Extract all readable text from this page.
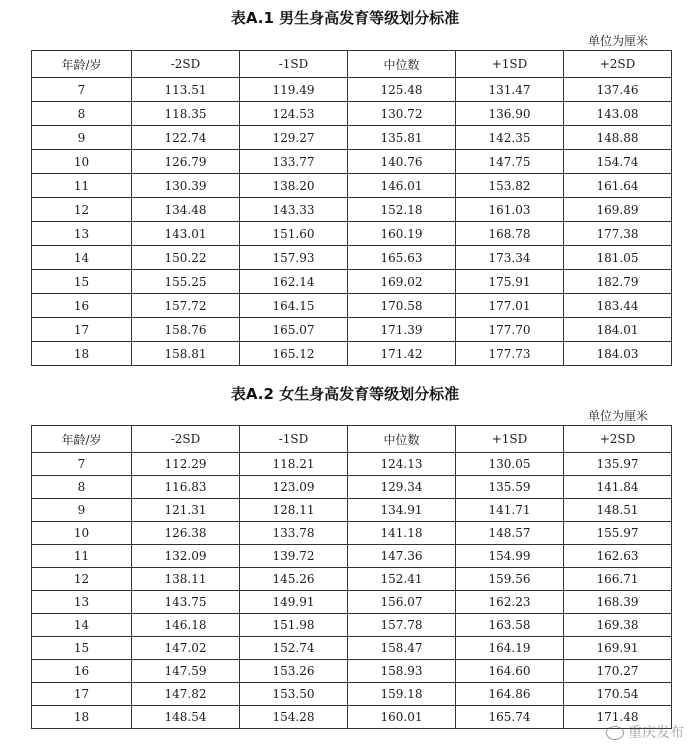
表A.1 男生身高发育等级划分标准
单位为厘米
年龄/岁	-2SD	-1SD	中位数	+1SD	+2SD
7	113.51	119.49	125.48	131.47	137.46
8	118.35	124.53	130.72	136.90	143.08
9	122.74	129.27	135.81	142.35	148.88
10	126.79	133.77	140.76	147.75	154.74
11	130.39	138.20	146.01	153.82	161.64
12	134.48	143.33	152.18	161.03	169.89
13	143.01	151.60	160.19	168.78	177.38
14	150.22	157.93	165.63	173.34	181.05
15	155.25	162.14	169.02	175.91	182.79
16	157.72	164.15	170.58	177.01	183.44
17	158.76	165.07	171.39	177.70	184.01
18	158.81	165.12	171.42	177.73	184.03
表A.2 女生身高发育等级划分标准
单位为厘米
年龄/岁	-2SD	-1SD	中位数	+1SD	+2SD
7	112.29	118.21	124.13	130.05	135.97
8	116.83	123.09	129.34	135.59	141.84
9	121.31	128.11	134.91	141.71	148.51
10	126.38	133.78	141.18	148.57	155.97
11	132.09	139.72	147.36	154.99	162.63
12	138.11	145.26	152.41	159.56	166.71
13	143.75	149.91	156.07	162.23	168.39
14	146.18	151.98	157.78	163.58	169.38
15	147.02	152.74	158.47	164.19	169.91
16	147.59	153.26	158.93	164.60	170.27
17	147.82	153.50	159.18	164.86	170.54
18	148.54	154.28	160.01	165.74	171.48
重庆发布
